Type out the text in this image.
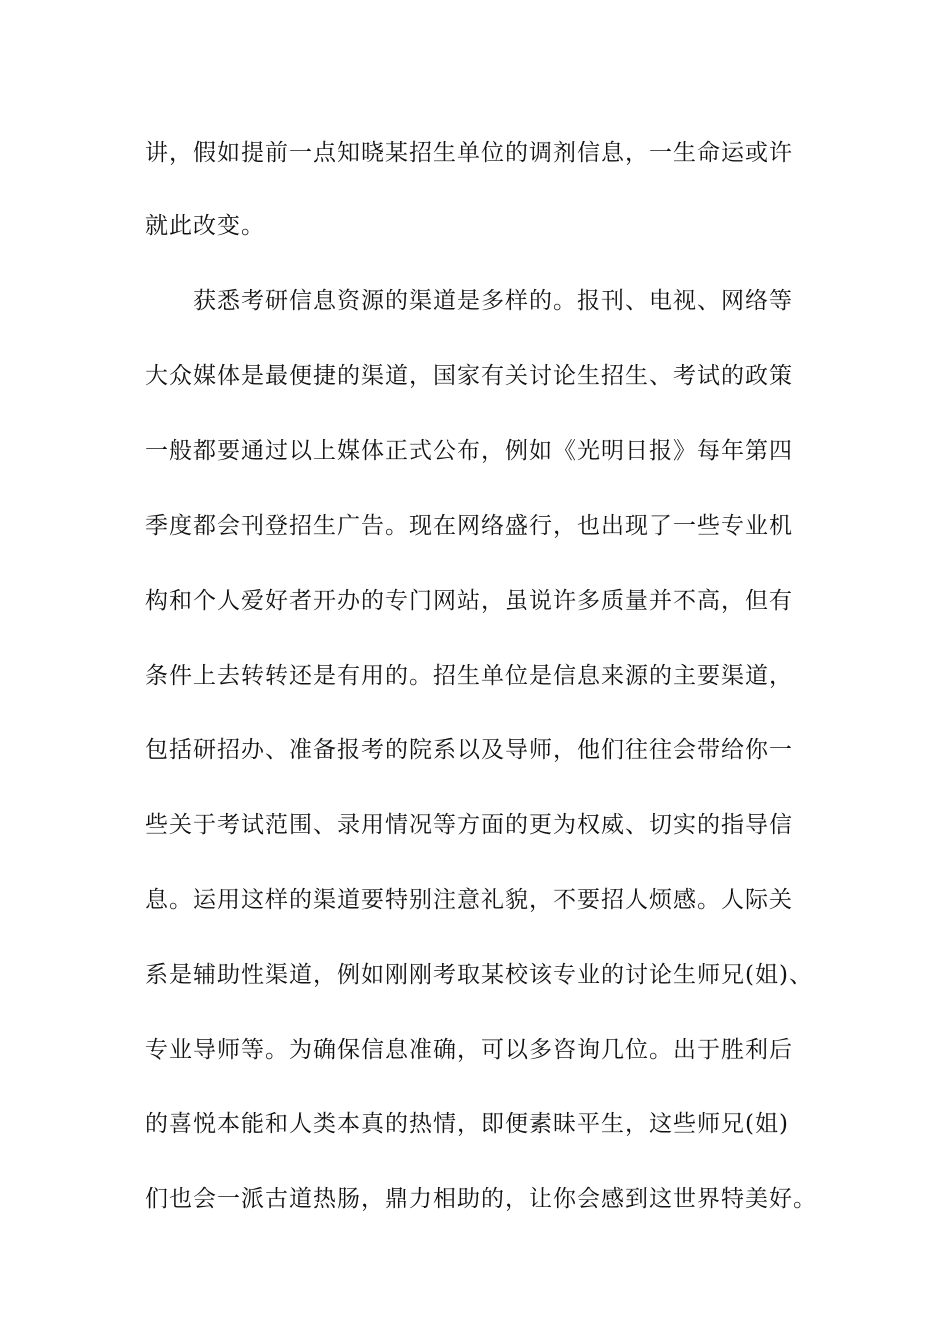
讲，假如提前一点知晓某招生单位的调剂信息，一生命运或许
就此改变。
获悉考研信息资源的渠道是多样的。报刊、电视、网络等
大众媒体是最便捷的渠道，国家有关讨论生招生、考试的政策
一般都要通过以上媒体正式公布，例如《光明日报》每年第四
季度都会刊登招生广告。现在网络盛行，也出现了一些专业机
构和个人爱好者开办的专门网站，虽说许多质量并不高，但有
条件上去转转还是有用的。招生单位是信息来源的主要渠道，
包括研招办、准备报考的院系以及导师，他们往往会带给你一
些关于考试范围、录用情况等方面的更为权威、切实的指导信
息。运用这样的渠道要特别注意礼貌，不要招人烦感。人际关
系是辅助性渠道，例如刚刚考取某校该专业的讨论生师兄(姐)、
专业导师等。为确保信息准确，可以多咨询几位。出于胜利后
的喜悦本能和人类本真的热情，即便素昧平生，这些师兄(姐)
们也会一派古道热肠，鼎力相助的，让你会感到这世界特美好。
